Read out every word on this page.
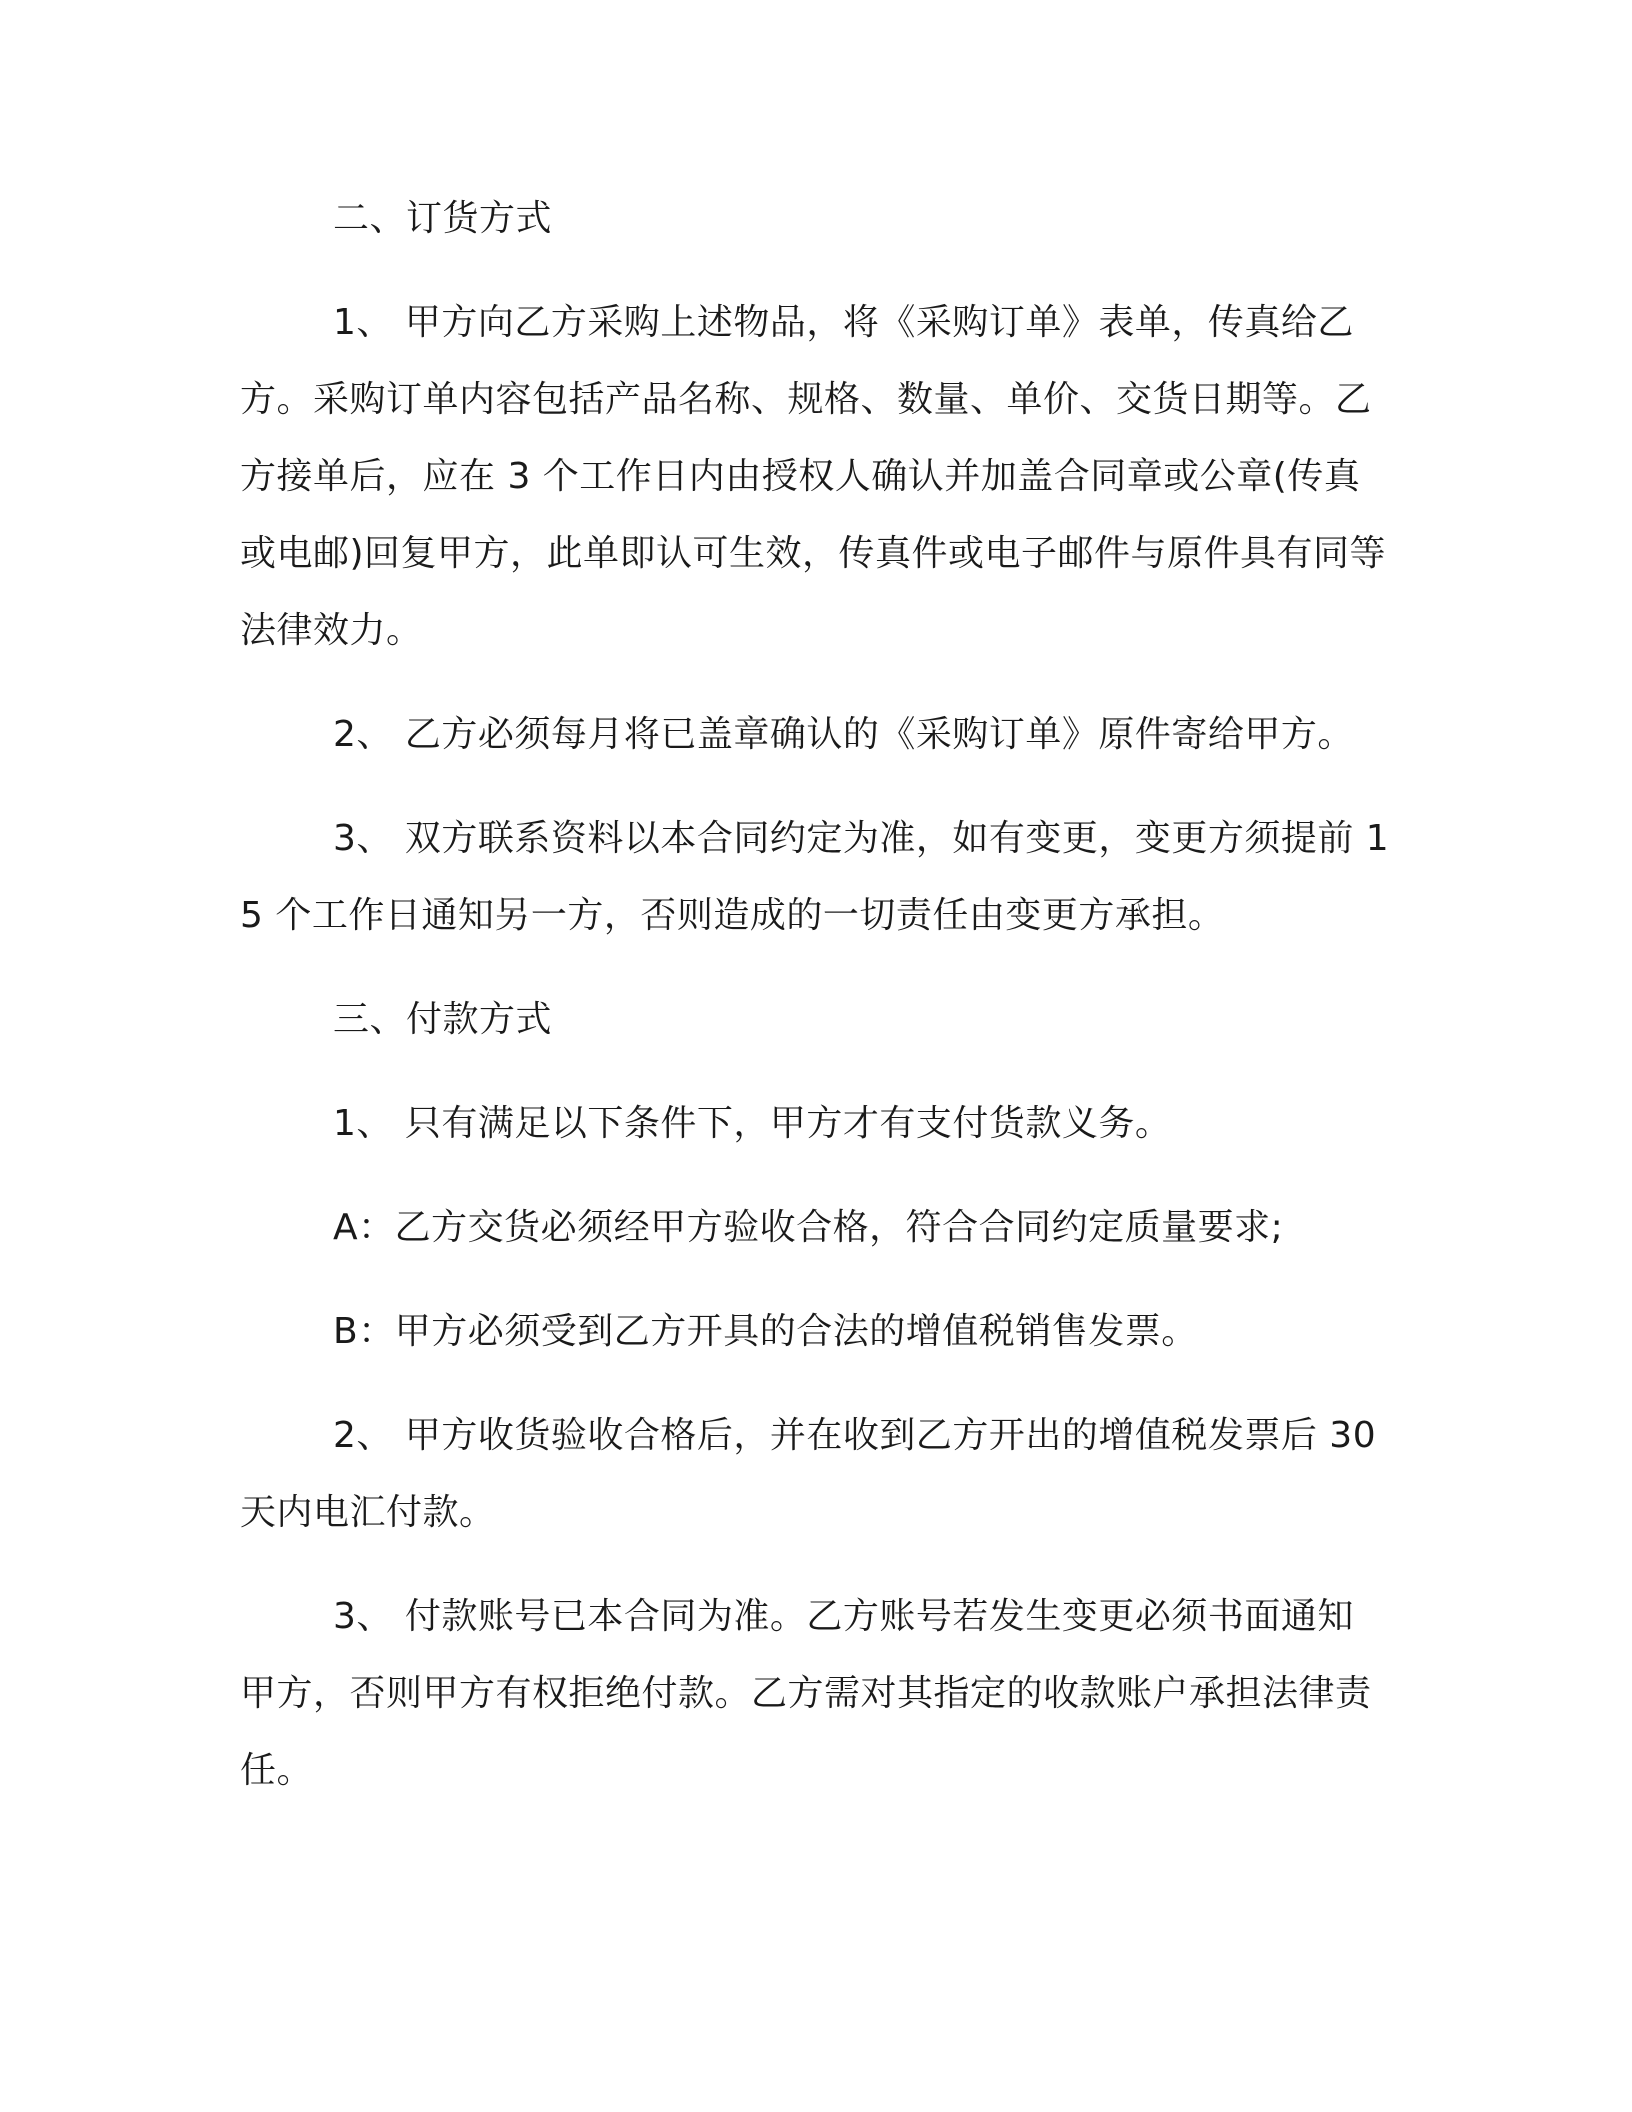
二、订货方式

1、 甲方向乙方采购上述物品，将《采购订单》表单，传真给乙方。采购订单内容包括产品名称、规格、数量、单价、交货日期等。乙方接单后，应在 3 个工作日内由授权人确认并加盖合同章或公章(传真或电邮)回复甲方，此单即认可生效，传真件或电子邮件与原件具有同等法律效力。

2、 乙方必须每月将已盖章确认的《采购订单》原件寄给甲方。

3、 双方联系资料以本合同约定为准，如有变更，变更方须提前 15 个工作日通知另一方，否则造成的一切责任由变更方承担。

三、付款方式

1、 只有满足以下条件下，甲方才有支付货款义务。

A：乙方交货必须经甲方验收合格，符合合同约定质量要求;

B：甲方必须受到乙方开具的合法的增值税销售发票。

2、 甲方收货验收合格后，并在收到乙方开出的增值税发票后 30 天内电汇付款。

3、 付款账号已本合同为准。乙方账号若发生变更必须书面通知甲方，否则甲方有权拒绝付款。乙方需对其指定的收款账户承担法律责任。
